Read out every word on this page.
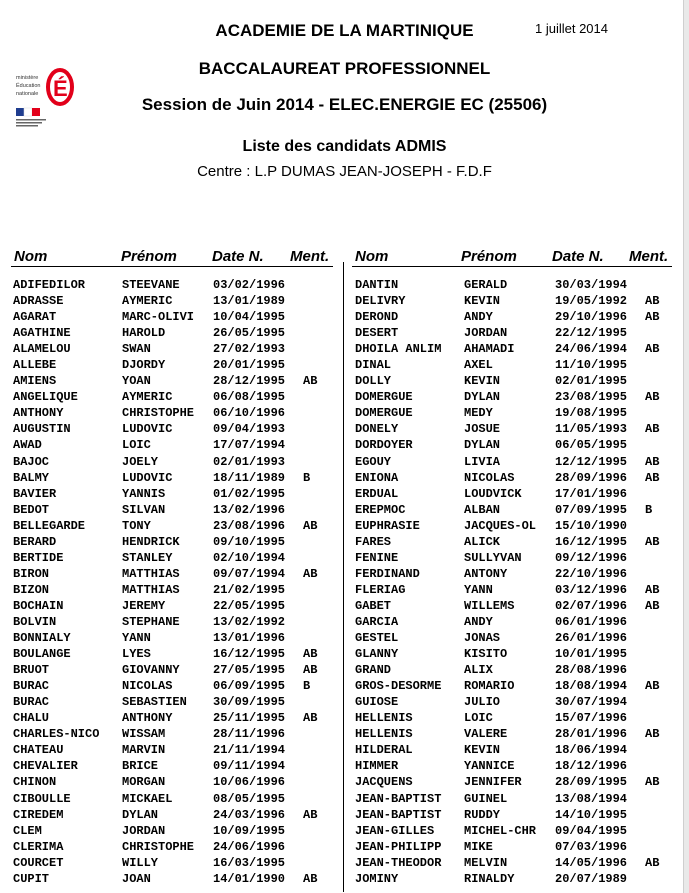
ministère
Éducation
nationale É
ACADEMIE DE LA MARTINIQUE	1 juillet 2014
BACCALAUREAT PROFESSIONNEL
Session de Juin 2014 - ELEC.ENERGIE EC (25506)
Liste des candidats ADMIS
Centre : L.P DUMAS JEAN-JOSEPH - F.D.F
Nom	Prénom Date N. Ment. Nom	Prénom Date N. Ment.
ADIFEDILOR	STEEVANE	03/02/1996
ADRASSE	AYMERIC	13/01/1989
AGARAT	MARC-OLIVI 10/04/1995
AGATHINE	HAROLD	26/05/1995
ALAMELOU	SWAN	27/02/1993
ALLEBE	DJORDY	20/01/1995
AMIENS	YOAN	28/12/1995 AB
ANGELIQUE	AYMERIC	06/08/1995
ANTHONY	CHRISTOPHE 06/10/1996
AUGUSTIN	LUDOVIC	09/04/1993
AWAD	LOIC	17/07/1994
BAJOC	JOELY	02/01/1993
BALMY	LUDOVIC	18/11/1989 B
BAVIER	YANNIS	01/02/1995
BEDOT	SILVAN	13/02/1996
BELLEGARDE	TONY	23/08/1996 AB
BERARD	HENDRICK	09/10/1995
BERTIDE	STANLEY	02/10/1994
BIRON	MATTHIAS	09/07/1994 AB
BIZON	MATTHIAS	21/02/1995
BOCHAIN	JEREMY	22/05/1995
BOLVIN	STEPHANE	13/02/1992
BONNIALY	YANN	13/01/1996
BOULANGE	LYES	16/12/1995 AB
BRUOT	GIOVANNY	27/05/1995 AB
BURAC	NICOLAS	06/09/1995 B
BURAC	SEBASTIEN 30/09/1995
CHALU	ANTHONY	25/11/1995 AB
CHARLES-NICO WISSAM	28/11/1996
CHATEAU	MARVIN	21/11/1994
CHEVALIER	BRICE	09/11/1994
CHINON	MORGAN	10/06/1996
CIBOULLE	MICKAEL	08/05/1995
CIREDEM	DYLAN	24/03/1996 AB
CLEM	JORDAN	10/09/1995
CLERIMA	CHRISTOPHE 24/06/1996
COURCET	WILLY	16/03/1995
CUPIT	JOAN	14/01/1990 AB
DANTIN	GERALD	30/03/1994
DELIVRY	KEVIN	19/05/1992 AB
DEROND	ANDY	29/10/1996 AB
DESERT	JORDAN	22/12/1995
DHOILA ANLIM AHAMADI	24/06/1994 AB
DINAL	AXEL	11/10/1995
DOLLY	KEVIN	02/01/1995
DOMERGUE	DYLAN	23/08/1995 AB
DOMERGUE	MEDY	19/08/1995
DONELY	JOSUE	11/05/1993 AB
DORDOYER	DYLAN	06/05/1995
EGOUY	LIVIA	12/12/1995 AB
ENIONA	NICOLAS	28/09/1996 AB
ERDUAL	LOUDVICK	17/01/1996
EREPMOC	ALBAN	07/09/1995 B
EUPHRASIE	JACQUES-OL 15/10/1990
FARES	ALICK	16/12/1995 AB
FENINE	SULLYVAN	09/12/1996
FERDINAND	ANTONY	22/10/1996
FLERIAG	YANN	03/12/1996 AB
GABET	WILLEMS	02/07/1996 AB
GARCIA	ANDY	06/01/1996
GESTEL	JONAS	26/01/1996
GLANNY	KISITO	10/01/1995
GRAND	ALIX	28/08/1996
GROS-DESORME ROMARIO	18/08/1994 AB
GUIOSE	JULIO	30/07/1994
HELLENIS	LOIC	15/07/1996
HELLENIS	VALERE	28/01/1996 AB
HILDERAL	KEVIN	18/06/1994
HIMMER	YANNICE	18/12/1996
JACQUENS	JENNIFER	28/09/1995 AB
JEAN-BAPTIST GUINEL	13/08/1994
JEAN-BAPTIST RUDDY	14/10/1995
JEAN-GILLES MICHEL-CHR 09/04/1995
JEAN-PHILIPP MIKE	07/03/1996
JEAN-THEODOR MELVIN	14/05/1996 AB
JOMINY	RINALDY	20/07/1989
